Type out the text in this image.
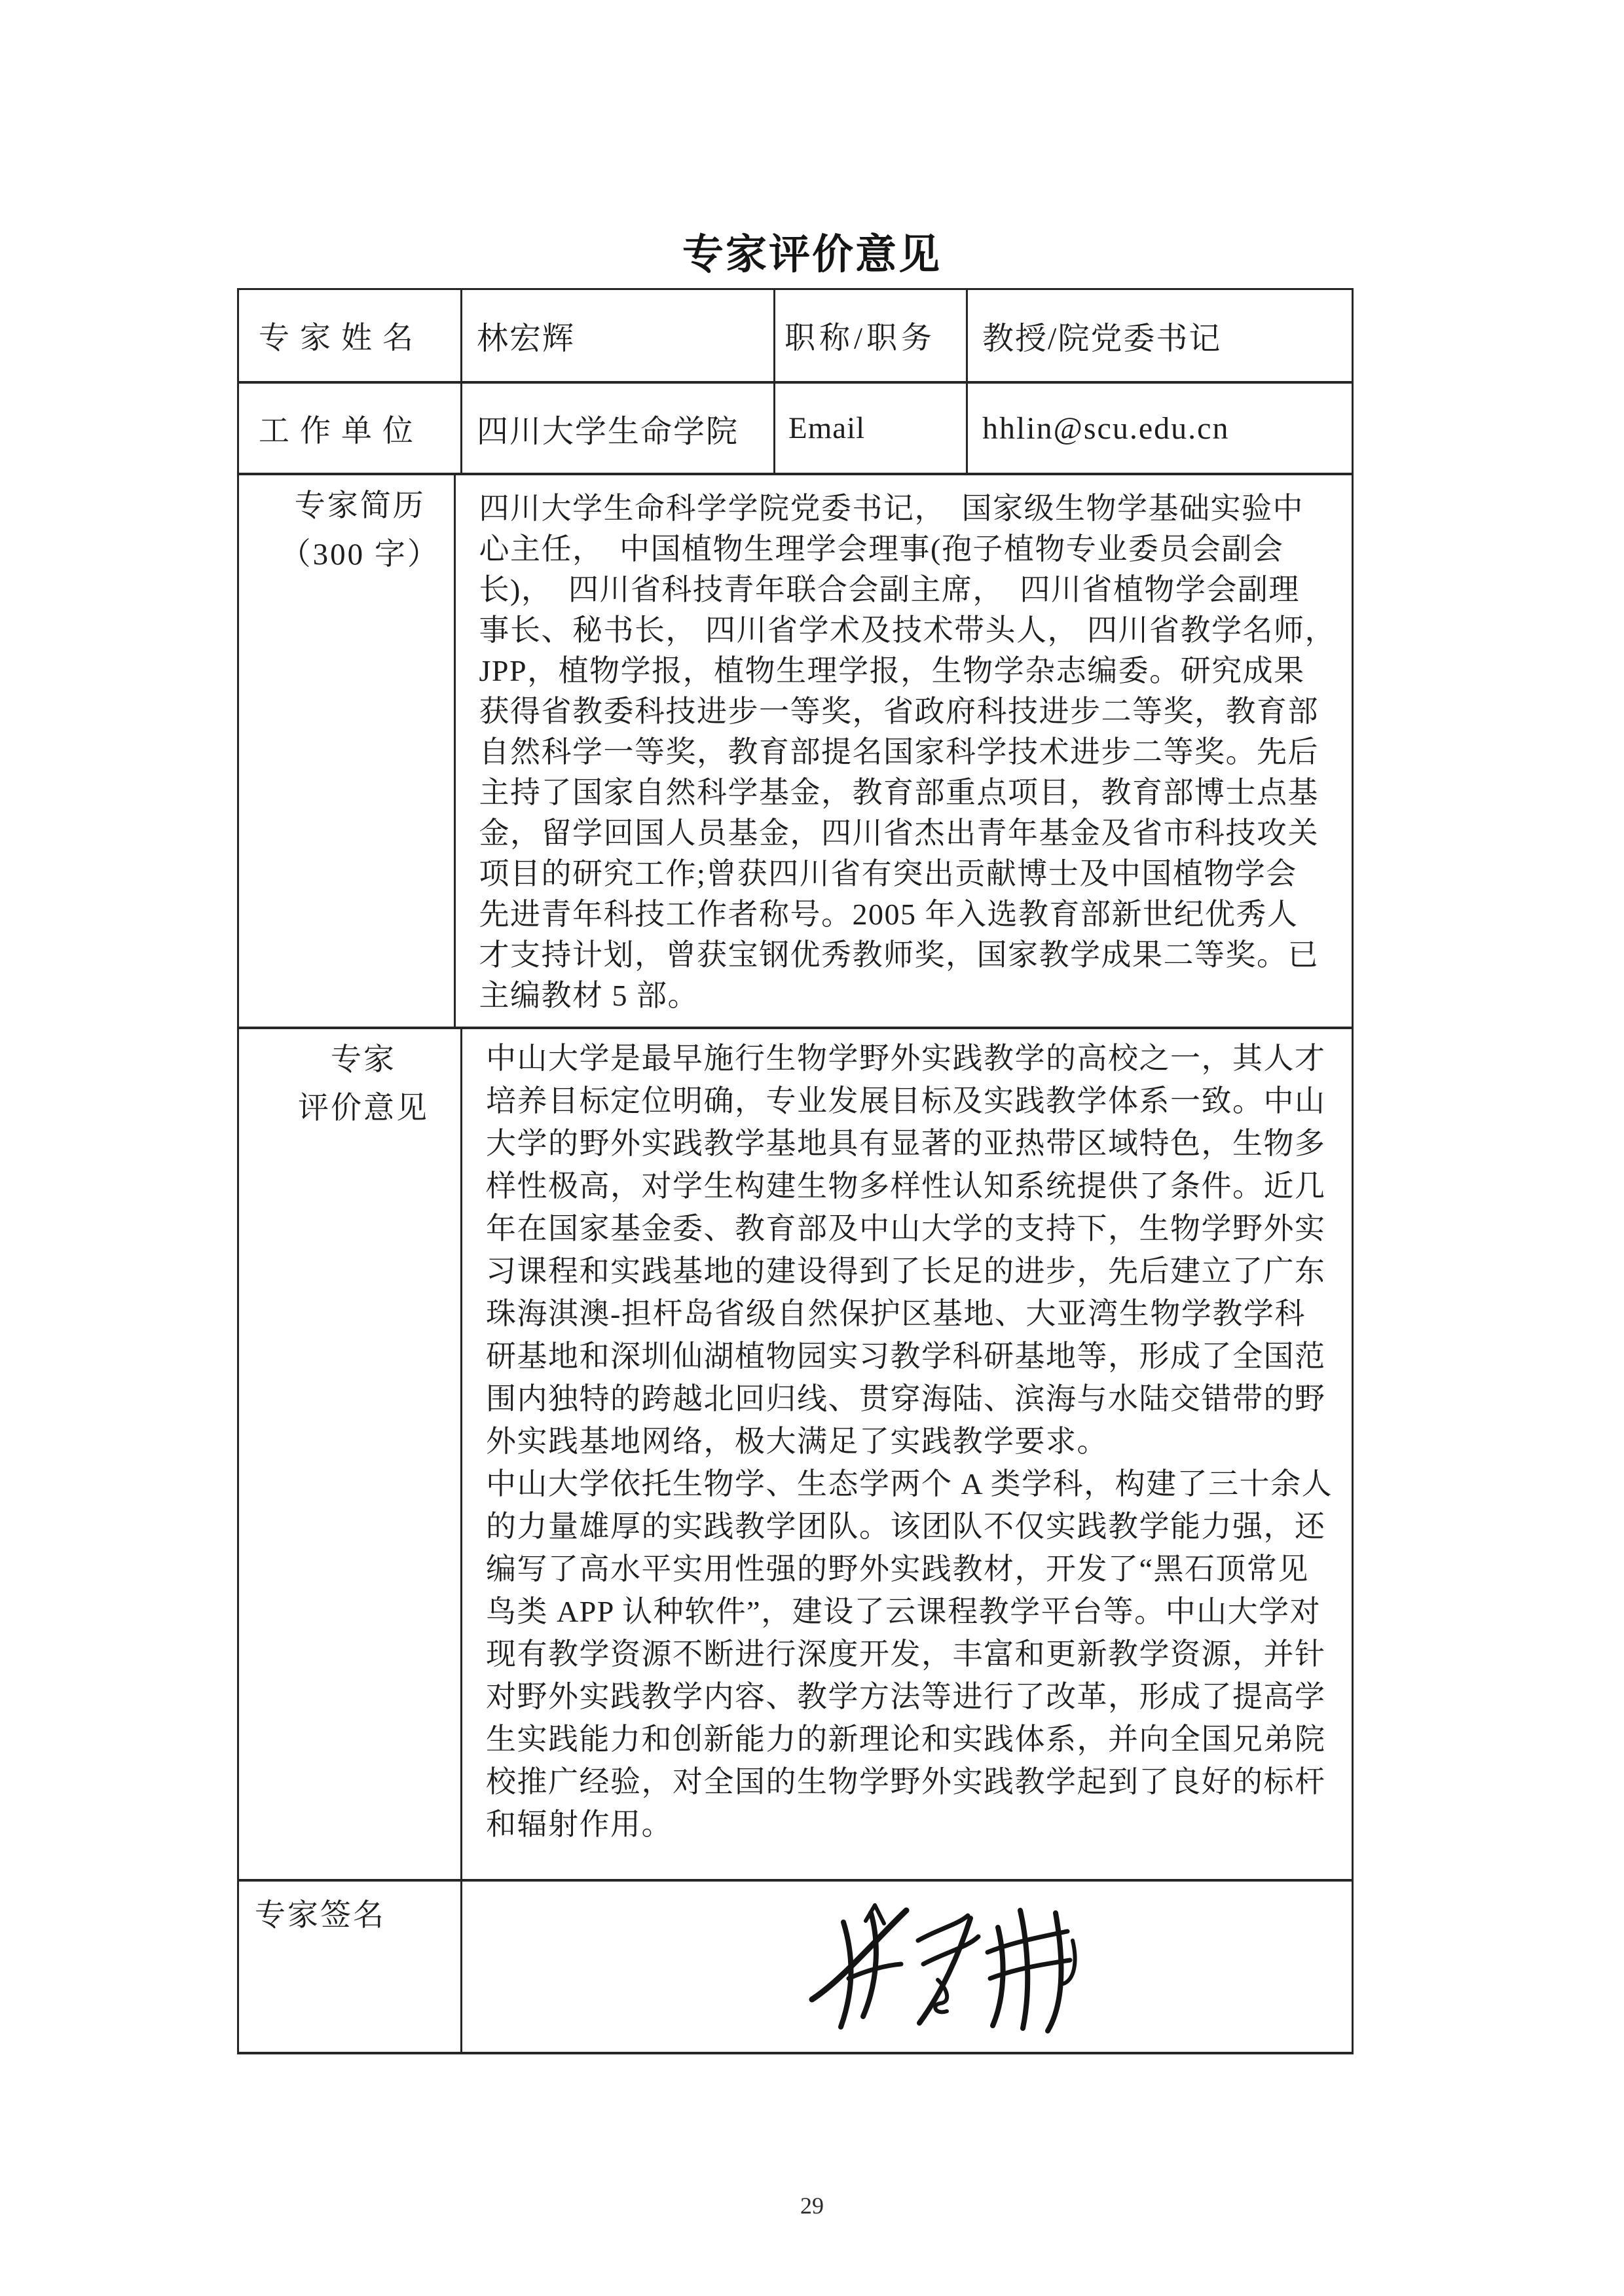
专家评价意见
专家姓名	林宏辉	职称/职务	教授/院党委书记
工作单位	四川大学生命学院	Email	hhlin@scu.edu.cn
专家简历
（300 字）
四川大学生命科学学院党委书记，　国家级生物学基础实验中
心主任，　中国植物生理学会理事(孢子植物专业委员会副会
长)，　四川省科技青年联合会副主席，　四川省植物学会副理
事长、秘书长， 四川省学术及技术带头人， 四川省教学名师，
JPP，植物学报，植物生理学报，生物学杂志编委。研究成果
获得省教委科技进步一等奖，省政府科技进步二等奖，教育部
自然科学一等奖，教育部提名国家科学技术进步二等奖。先后
主持了国家自然科学基金，教育部重点项目，教育部博士点基
金，留学回国人员基金，四川省杰出青年基金及省市科技攻关
项目的研究工作;曾获四川省有突出贡献博士及中国植物学会
先进青年科技工作者称号。2005 年入选教育部新世纪优秀人
才支持计划，曾获宝钢优秀教师奖，国家教学成果二等奖。已
主编教材 5 部。
专家
评价意见
中山大学是最早施行生物学野外实践教学的高校之一，其人才
培养目标定位明确，专业发展目标及实践教学体系一致。中山
大学的野外实践教学基地具有显著的亚热带区域特色，生物多
样性极高，对学生构建生物多样性认知系统提供了条件。近几
年在国家基金委、教育部及中山大学的支持下，生物学野外实
习课程和实践基地的建设得到了长足的进步，先后建立了广东
珠海淇澳-担杆岛省级自然保护区基地、大亚湾生物学教学科
研基地和深圳仙湖植物园实习教学科研基地等，形成了全国范
围内独特的跨越北回归线、贯穿海陆、滨海与水陆交错带的野
外实践基地网络，极大满足了实践教学要求。
中山大学依托生物学、生态学两个 A 类学科，构建了三十余人
的力量雄厚的实践教学团队。该团队不仅实践教学能力强，还
编写了高水平实用性强的野外实践教材，开发了“黑石顶常见
鸟类 APP 认种软件”，建设了云课程教学平台等。中山大学对
现有教学资源不断进行深度开发，丰富和更新教学资源，并针
对野外实践教学内容、教学方法等进行了改革，形成了提高学
生实践能力和创新能力的新理论和实践体系，并向全国兄弟院
校推广经验，对全国的生物学野外实践教学起到了良好的标杆
和辐射作用。
专家签名
29
